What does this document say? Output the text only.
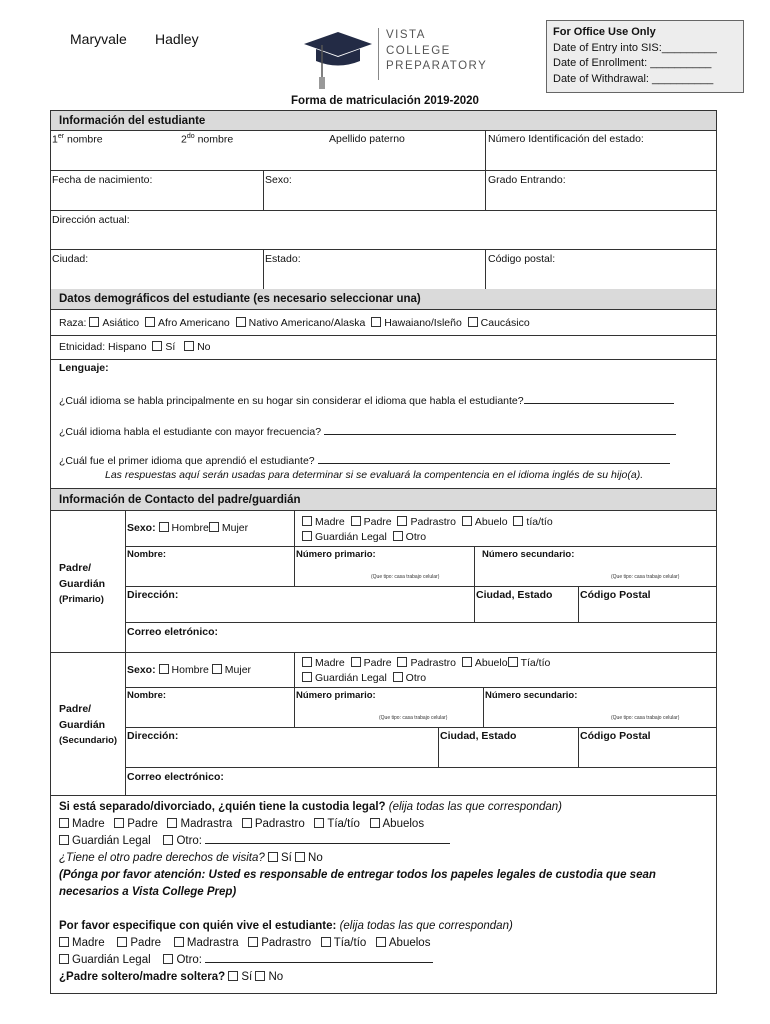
Maryvale Hadley	VISTA
COLLEGE
PREPARATORY
For Office Use Only
Date of Entry into SIS:_________
Date of Enrollment: __________
Date of Withdrawal: __________
Forma de matriculación 2019-2020
Información del estudiante
1er nombre	$2^{do}$ nombre	Apellido paterno	Número Identificación del estado:
Fecha de nacimiento:	Sexo:	Grado Entrando:
Dirección actual:
Ciudad:	Estado:	Código postal:
Datos demográficos del estudiante (es necesario seleccionar una)
Raza: Asiático Afro Americano Nativo Americano/Alaska Hawaiano/Isleño Caucásico
Etnicidad: Hispano Sí No
Lenguaje:
¿Cuál idioma se habla principalmente en su hogar sin considerar el idioma que habla el estudiante?
¿Cuál idioma habla el estudiante con mayor frecuencia?
¿Cuál fue el primer idioma que aprendió el estudiante?
Las respuestas aquí serán usadas para determinar si se evaluará la compentencia en el idioma inglés de su hijo(a).
Información de Contacto del padre/guardián
Padre/
Guardián
(Primario)
Sexo: Hombre Mujer	Madre Padre Padrastro Abuelo tía/tío
Guardián Legal Otro
Nombre:	Número primario:
(Que tipo: casa trabajo celular)
Número secundario:
(Que tipo: casa trabajo celular)
Dirección:	Ciudad, Estado	Código Postal
Correo eletrónico:
Padre/
Guardián
(Secundario)
Sexo: Hombre Mujer
Madre Padre Padrastro Abuelo Tía/tío
Guardián Legal Otro
Nombre:	Número primario:
(Que tipo: casa trabajo celular)
Número secundario:
(Que tipo: casa trabajo celular)
Dirección:	Ciudad, Estado	Código Postal
Correo electrónico:
Si está separado/divorciado, ¿quién tiene la custodia legal? (elija todas las que correspondan)
Madre Padre Madrastra Padrastro Tía/tío Abuelos
Guardián Legal Otro:
¿Tiene el otro padre derechos de visita? Sí No
(Pónga por favor atención: Usted es responsable de entregar todos los papeles legales de custodia que sean necesarios a Vista College Prep)
Por favor especifique con quién vive el estudiante: (elija todas las que correspondan)
Madre Padre Madrastra Padrastro Tía/tío Abuelos
Guardián Legal Otro:
¿Padre soltero/madre soltera? Sí No
